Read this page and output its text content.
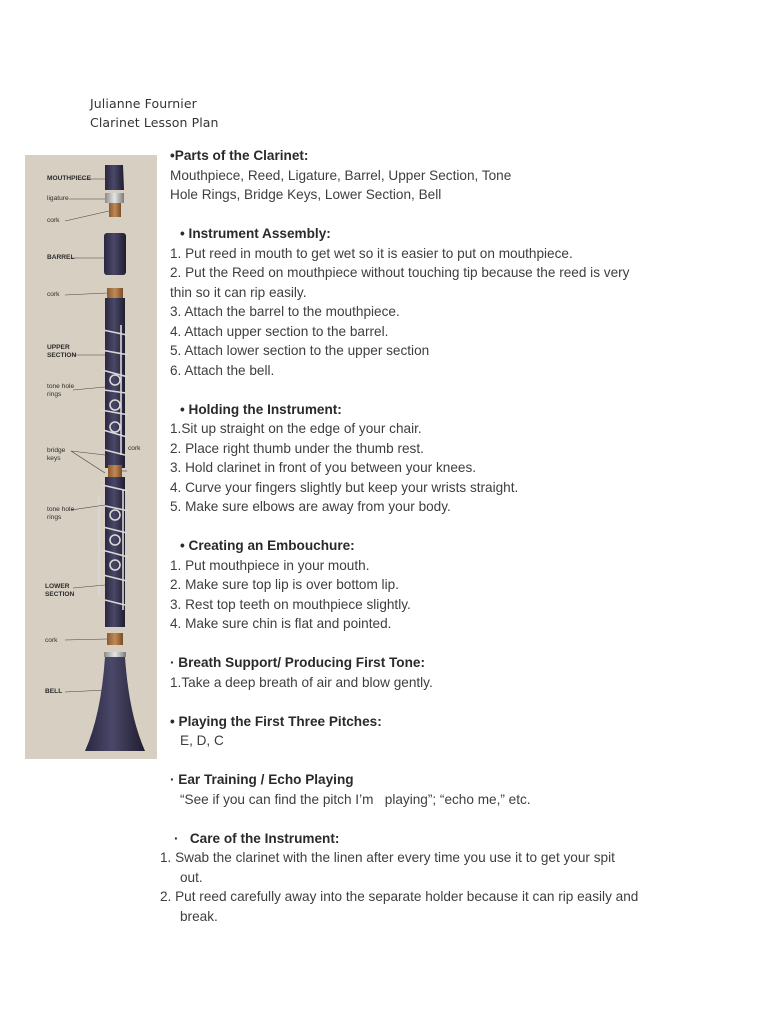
Julianne Fournier
Clarinet Lesson Plan
MOUTHPIECE
ligature
cork
BARREL
cork
UPPER
SECTION
tone hole
rings
bridge
keys
cork
tone hole
rings
LOWER
SECTION
cork
BELL
•Parts of the Clarinet:
Mouthpiece, Reed, Ligature, Barrel, Upper Section, Tone
Hole Rings, Bridge Keys, Lower Section, Bell
• Instrument Assembly:
1. Put reed in mouth to get wet so it is easier to put on mouthpiece.
2. Put the Reed on mouthpiece without touching tip because the reed is very
thin so it can rip easily.
3. Attach the barrel to the mouthpiece.
4. Attach upper section to the barrel.
5. Attach lower section to the upper section
6. Attach the bell.
• Holding the Instrument:
1.Sit up straight on the edge of your chair.
2. Place right thumb under the thumb rest.
3. Hold clarinet in front of you between your knees.
4. Curve your fingers slightly but keep your wrists straight.
5. Make sure elbows are away from your body.
• Creating an Embouchure:
1. Put mouthpiece in your mouth.
2. Make sure top lip is over bottom lip.
3. Rest top teeth on mouthpiece slightly.
4. Make sure chin is flat and pointed.
· Breath Support/ Producing First Tone:
1.Take a deep breath of air and blow gently.
• Playing the First Three Pitches:
E, D, C
· Ear Training / Echo Playing
“See if you can find the pitch I’m   playing”; “echo me,” etc.
·   Care of the Instrument:
1. Swab the clarinet with the linen after every time you use it to get your spit
out.
2. Put reed carefully away into the separate holder because it can rip easily and
break.
